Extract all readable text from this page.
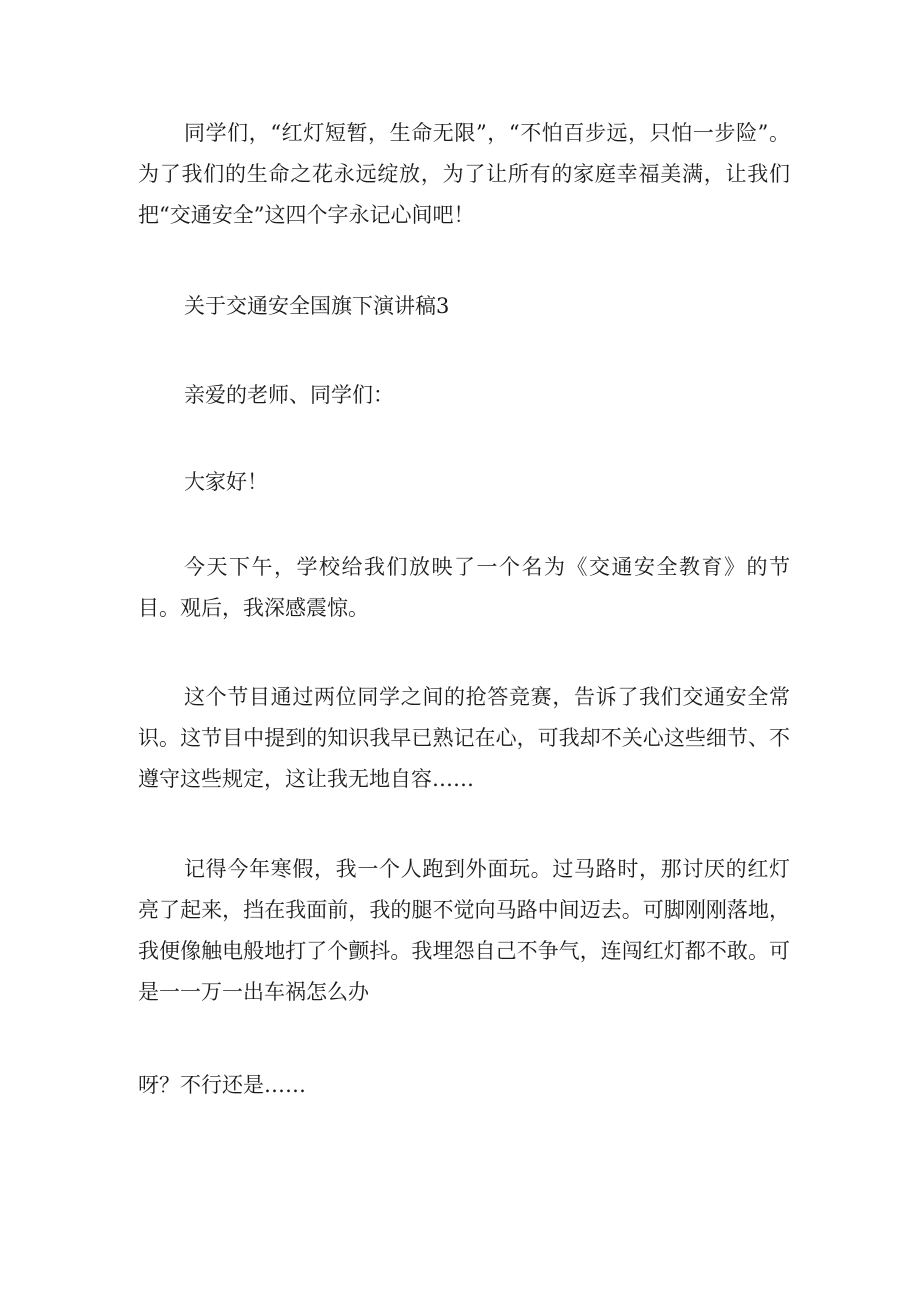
同学们，“红灯短暂，生命无限”，“不怕百步远，只怕一步险”。为了我们的生命之花永远绽放，为了让所有的家庭幸福美满，让我们把“交通安全”这四个字永记心间吧！

关于交通安全国旗下演讲稿3

亲爱的老师、同学们：

大家好！

今天下午，学校给我们放映了一个名为《交通安全教育》的节目。观后，我深感震惊。

这个节目通过两位同学之间的抢答竞赛，告诉了我们交通安全常识。这节目中提到的知识我早已熟记在心，可我却不关心这些细节、不遵守这些规定，这让我无地自容……

记得今年寒假，我一个人跑到外面玩。过马路时，那讨厌的红灯亮了起来，挡在我面前，我的腿不觉向马路中间迈去。可脚刚刚落地，我便像触电般地打了个颤抖。我埋怨自己不争气，连闯红灯都不敢。可是一一万一出车祸怎么办

呀？不行还是……
